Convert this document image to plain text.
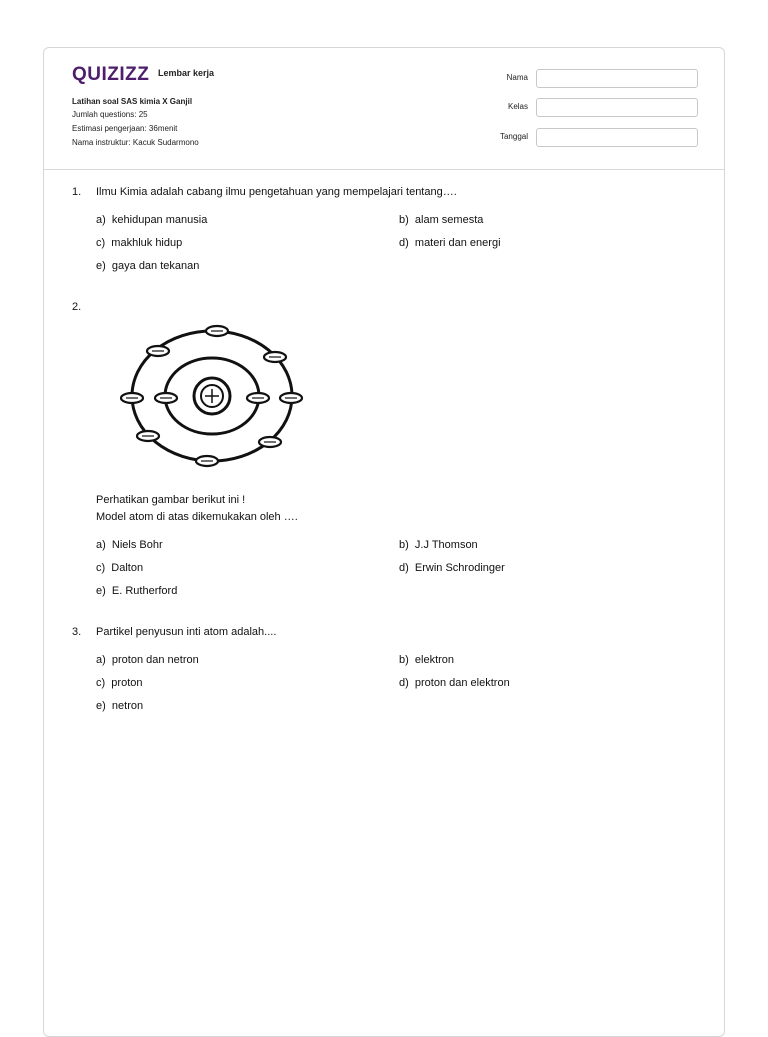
QUIZIZZ Lembar kerja
Latihan soal SAS kimia X Ganjil
Jumlah questions: 25
Estimasi pengerjaan: 36menit
Nama instruktur: Kacuk Sudarmono
Nama
Kelas
Tanggal
1. Ilmu Kimia adalah cabang ilmu pengetahuan yang mempelajari tentang….
a) kehidupan manusia	b) alam semesta
c) makhluk hidup	d) materi dan energi
e) gaya dan tekanan
2.
Perhatikan gambar berikut ini !
Model atom di atas dikemukakan oleh ….
a) Niels Bohr	b) J.J Thomson
c) Dalton	d) Erwin Schrodinger
e) E. Rutherford
3. Partikel penyusun inti atom adalah....
a) proton dan netron	b) elektron
c) proton	d) proton dan elektron
e) netron
